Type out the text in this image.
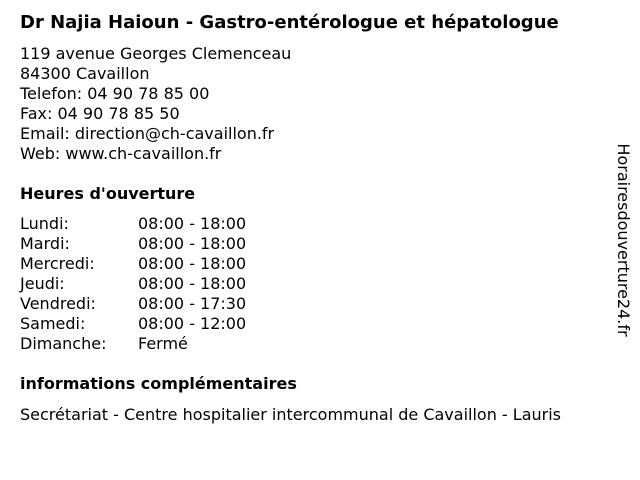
Dr Najia Haioun - Gastro-entérologue et hépatologue
119 avenue Georges Clemenceau
84300 Cavaillon
Telefon: 04 90 78 85 00
Fax: 04 90 78 85 50
Email: direction@ch-cavaillon.fr
Web: www.ch-cavaillon.fr
Heures d'ouverture
Lundi:	08:00 - 18:00
Mardi:	08:00 - 18:00
Mercredi:	08:00 - 18:00
Jeudi:	08:00 - 18:00
Vendredi:	08:00 - 17:30
Samedi:	08:00 - 12:00
Dimanche:	Fermé
informations complémentaires
Secrétariat - Centre hospitalier intercommunal de Cavaillon - Lauris
Horairesdouverture24.fr
